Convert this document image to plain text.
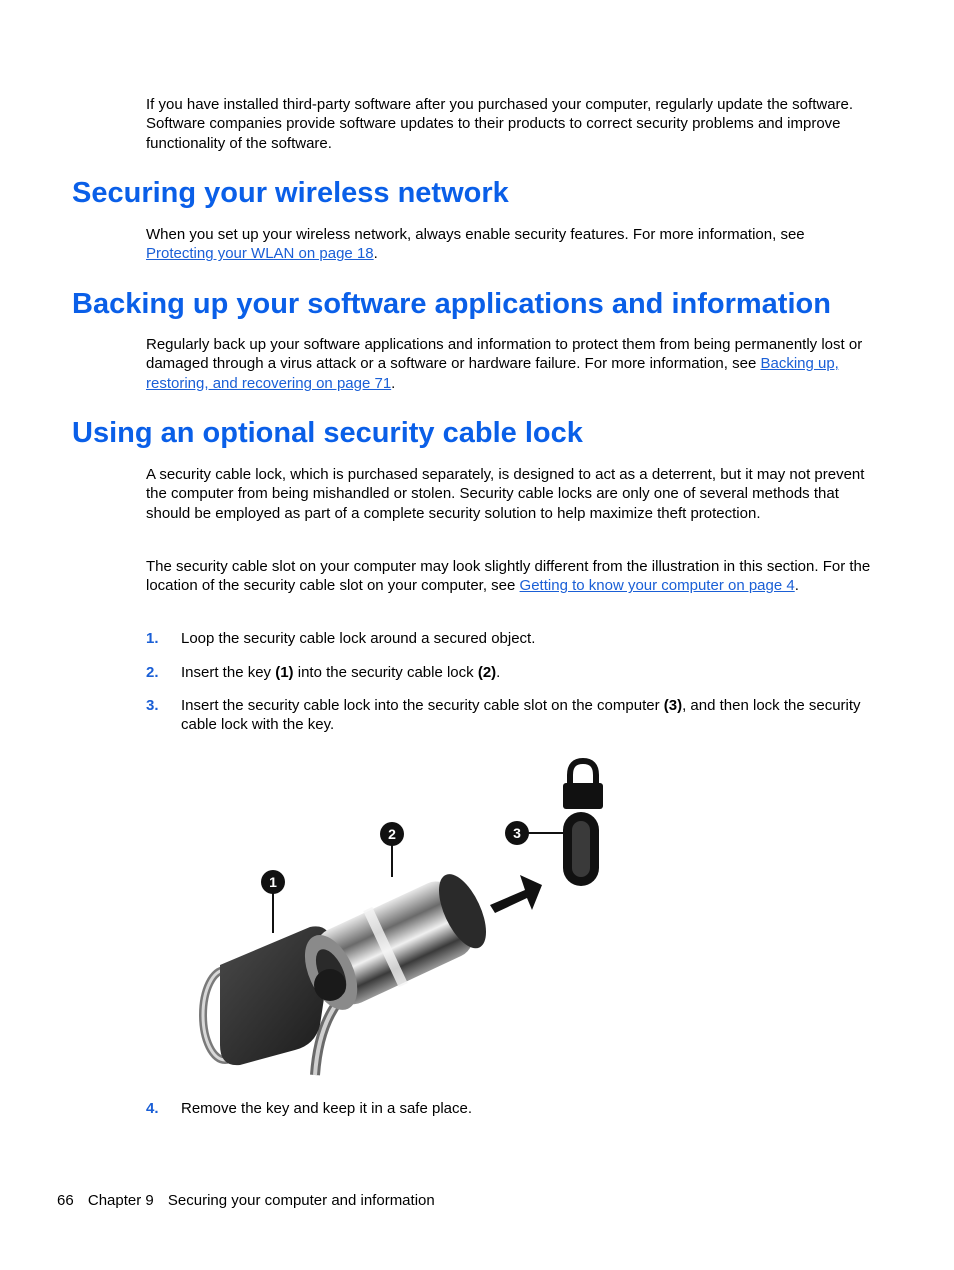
If you have installed third-party software after you purchased your computer, regularly update the software. Software companies provide software updates to their products to correct security problems and improve functionality of the software.

Securing your wireless network

When you set up your wireless network, always enable security features. For more information, see Protecting your WLAN on page 18.

Backing up your software applications and information

Regularly back up your software applications and information to protect them from being permanently lost or damaged through a virus attack or a software or hardware failure. For more information, see Backing up, restoring, and recovering on page 71.

Using an optional security cable lock

A security cable lock, which is purchased separately, is designed to act as a deterrent, but it may not prevent the computer from being mishandled or stolen. Security cable locks are only one of several methods that should be employed as part of a complete security solution to help maximize theft protection.

The security cable slot on your computer may look slightly different from the illustration in this section. For the location of the security cable slot on your computer, see Getting to know your computer on page 4.

1. Loop the security cable lock around a secured object.
2. Insert the key (1) into the security cable lock (2).
3. Insert the security cable lock into the security cable slot on the computer (3), and then lock the security cable lock with the key.
1
2	3
4. Remove the key and keep it in a safe place.
66 Chapter 9 Securing your computer and information
